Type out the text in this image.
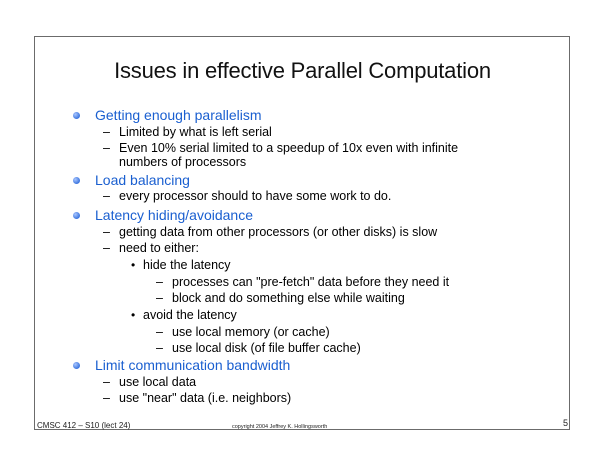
Issues in effective Parallel Computation
Getting enough parallelism
– Limited by what is left serial
– Even 10% serial limited to a speedup of 10x even with infinite
numbers of processors
Load balancing
– every processor should to have some work to do.
Latency hiding/avoidance
– getting data from other processors (or other disks) is slow
– need to either:
• hide the latency
– processes can "pre-fetch" data before they need it
– block and do something else while waiting
• avoid the latency
– use local memory (or cache)
– use local disk (of file buffer cache)
Limit communication bandwidth
– use local data
– use "near" data (i.e. neighbors)
CMSC 412 – S10 (lect 24)	copyright 2004 Jeffrey K. Hollingsworth	5
